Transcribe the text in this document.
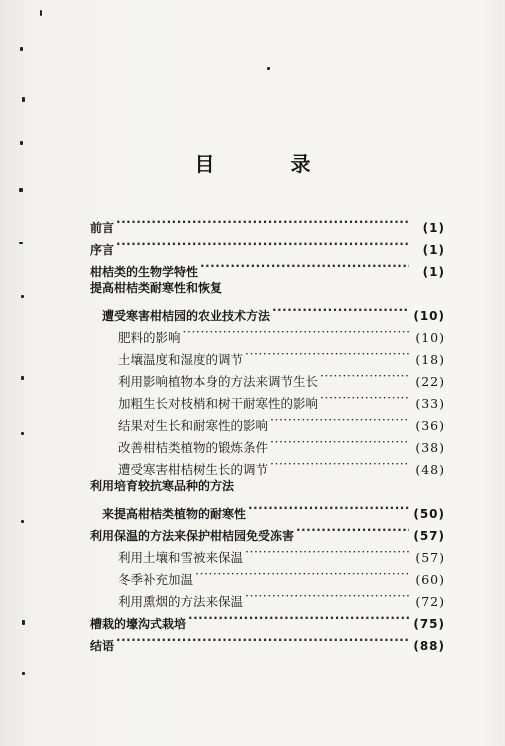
目　录
前言 ·····	(1)
序言 ·····	(1)
柑桔类的生物学特性 ·····	(1)
提高柑桔类耐寒性和恢复
遭受寒害柑桔园的农业技术方法 ·····	(10)
肥料的影响 ·····	(10)
土壤温度和湿度的调节 ·····	(18)
利用影响植物本身的方法来调节生长 ·····	(22)
加粗生长对枝梢和树干耐寒性的影响 ·····	(33)
结果对生长和耐寒性的影响 ·····	(36)
改善柑桔类植物的锻炼条件 ·····	(38)
遭受寒害柑桔树生长的调节 ·····	(48)
利用培育较抗寒品种的方法
来提高柑桔类植物的耐寒性 ·····	(50)
利用保温的方法来保护柑桔园免受冻害 ·····	(57)
利用土壤和雪被来保温 ·····	(57)
冬季补充加温 ·····	(60)
利用熏烟的方法来保温 ·····	(72)
槽栽的壕沟式栽培 ·····	(75)
结语 ·····	(88)
